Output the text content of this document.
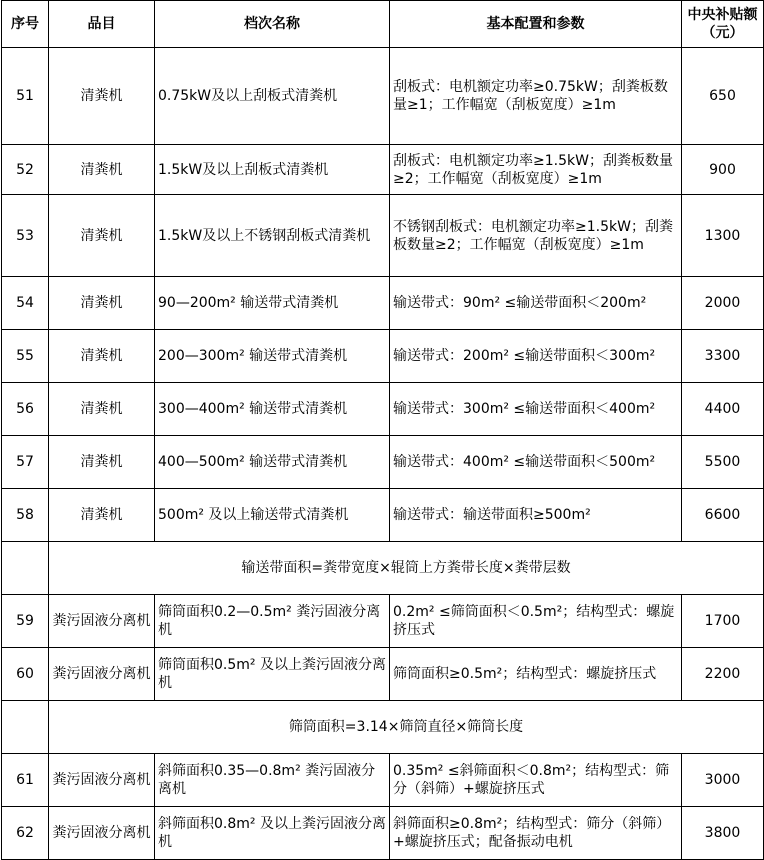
序号	品目	档次名称	基本配置和参数	中央补贴额（元）
51	清粪机	0.75kW及以上刮板式清粪机	刮板式：电机额定功率≥0.75kW；刮粪板数量≥1；工作幅宽（刮板宽度）≥1m	650
52	清粪机	1.5kW及以上刮板式清粪机	刮板式：电机额定功率≥1.5kW；刮粪板数量≥2；工作幅宽（刮板宽度）≥1m	900
53	清粪机	1.5kW及以上不锈钢刮板式清粪机	不锈钢刮板式：电机额定功率≥1.5kW；刮粪板数量≥2；工作幅宽（刮板宽度）≥1m	1300
54	清粪机	90—200m² 输送带式清粪机	输送带式：90m² ≤输送带面积＜200m²	2000
55	清粪机	200—300m² 输送带式清粪机	输送带式：200m² ≤输送带面积＜300m²	3300
56	清粪机	300—400m² 输送带式清粪机	输送带式：300m² ≤输送带面积＜400m²	4400
57	清粪机	400—500m² 输送带式清粪机	输送带式：400m² ≤输送带面积＜500m²	5500
58	清粪机	500m² 及以上输送带式清粪机	输送带式：输送带面积≥500m²	6600
	输送带面积=粪带宽度×辊筒上方粪带长度×粪带层数			
59	粪污固液分离机	筛筒面积0.2—0.5m² 粪污固液分离机	0.2m² ≤筛筒面积＜0.5m²；结构型式：螺旋挤压式	1700
60	粪污固液分离机	筛筒面积0.5m² 及以上粪污固液分离机	筛筒面积≥0.5m²；结构型式：螺旋挤压式	2200
	筛筒面积=3.14×筛筒直径×筛筒长度			
61	粪污固液分离机	斜筛面积0.35—0.8m² 粪污固液分离机	0.35m² ≤斜筛面积＜0.8m²；结构型式：筛分（斜筛）+螺旋挤压式	3000
62	粪污固液分离机	斜筛面积0.8m² 及以上粪污固液分离机	斜筛面积≥0.8m²；结构型式：筛分（斜筛）+螺旋挤压式；配备振动电机	3800
